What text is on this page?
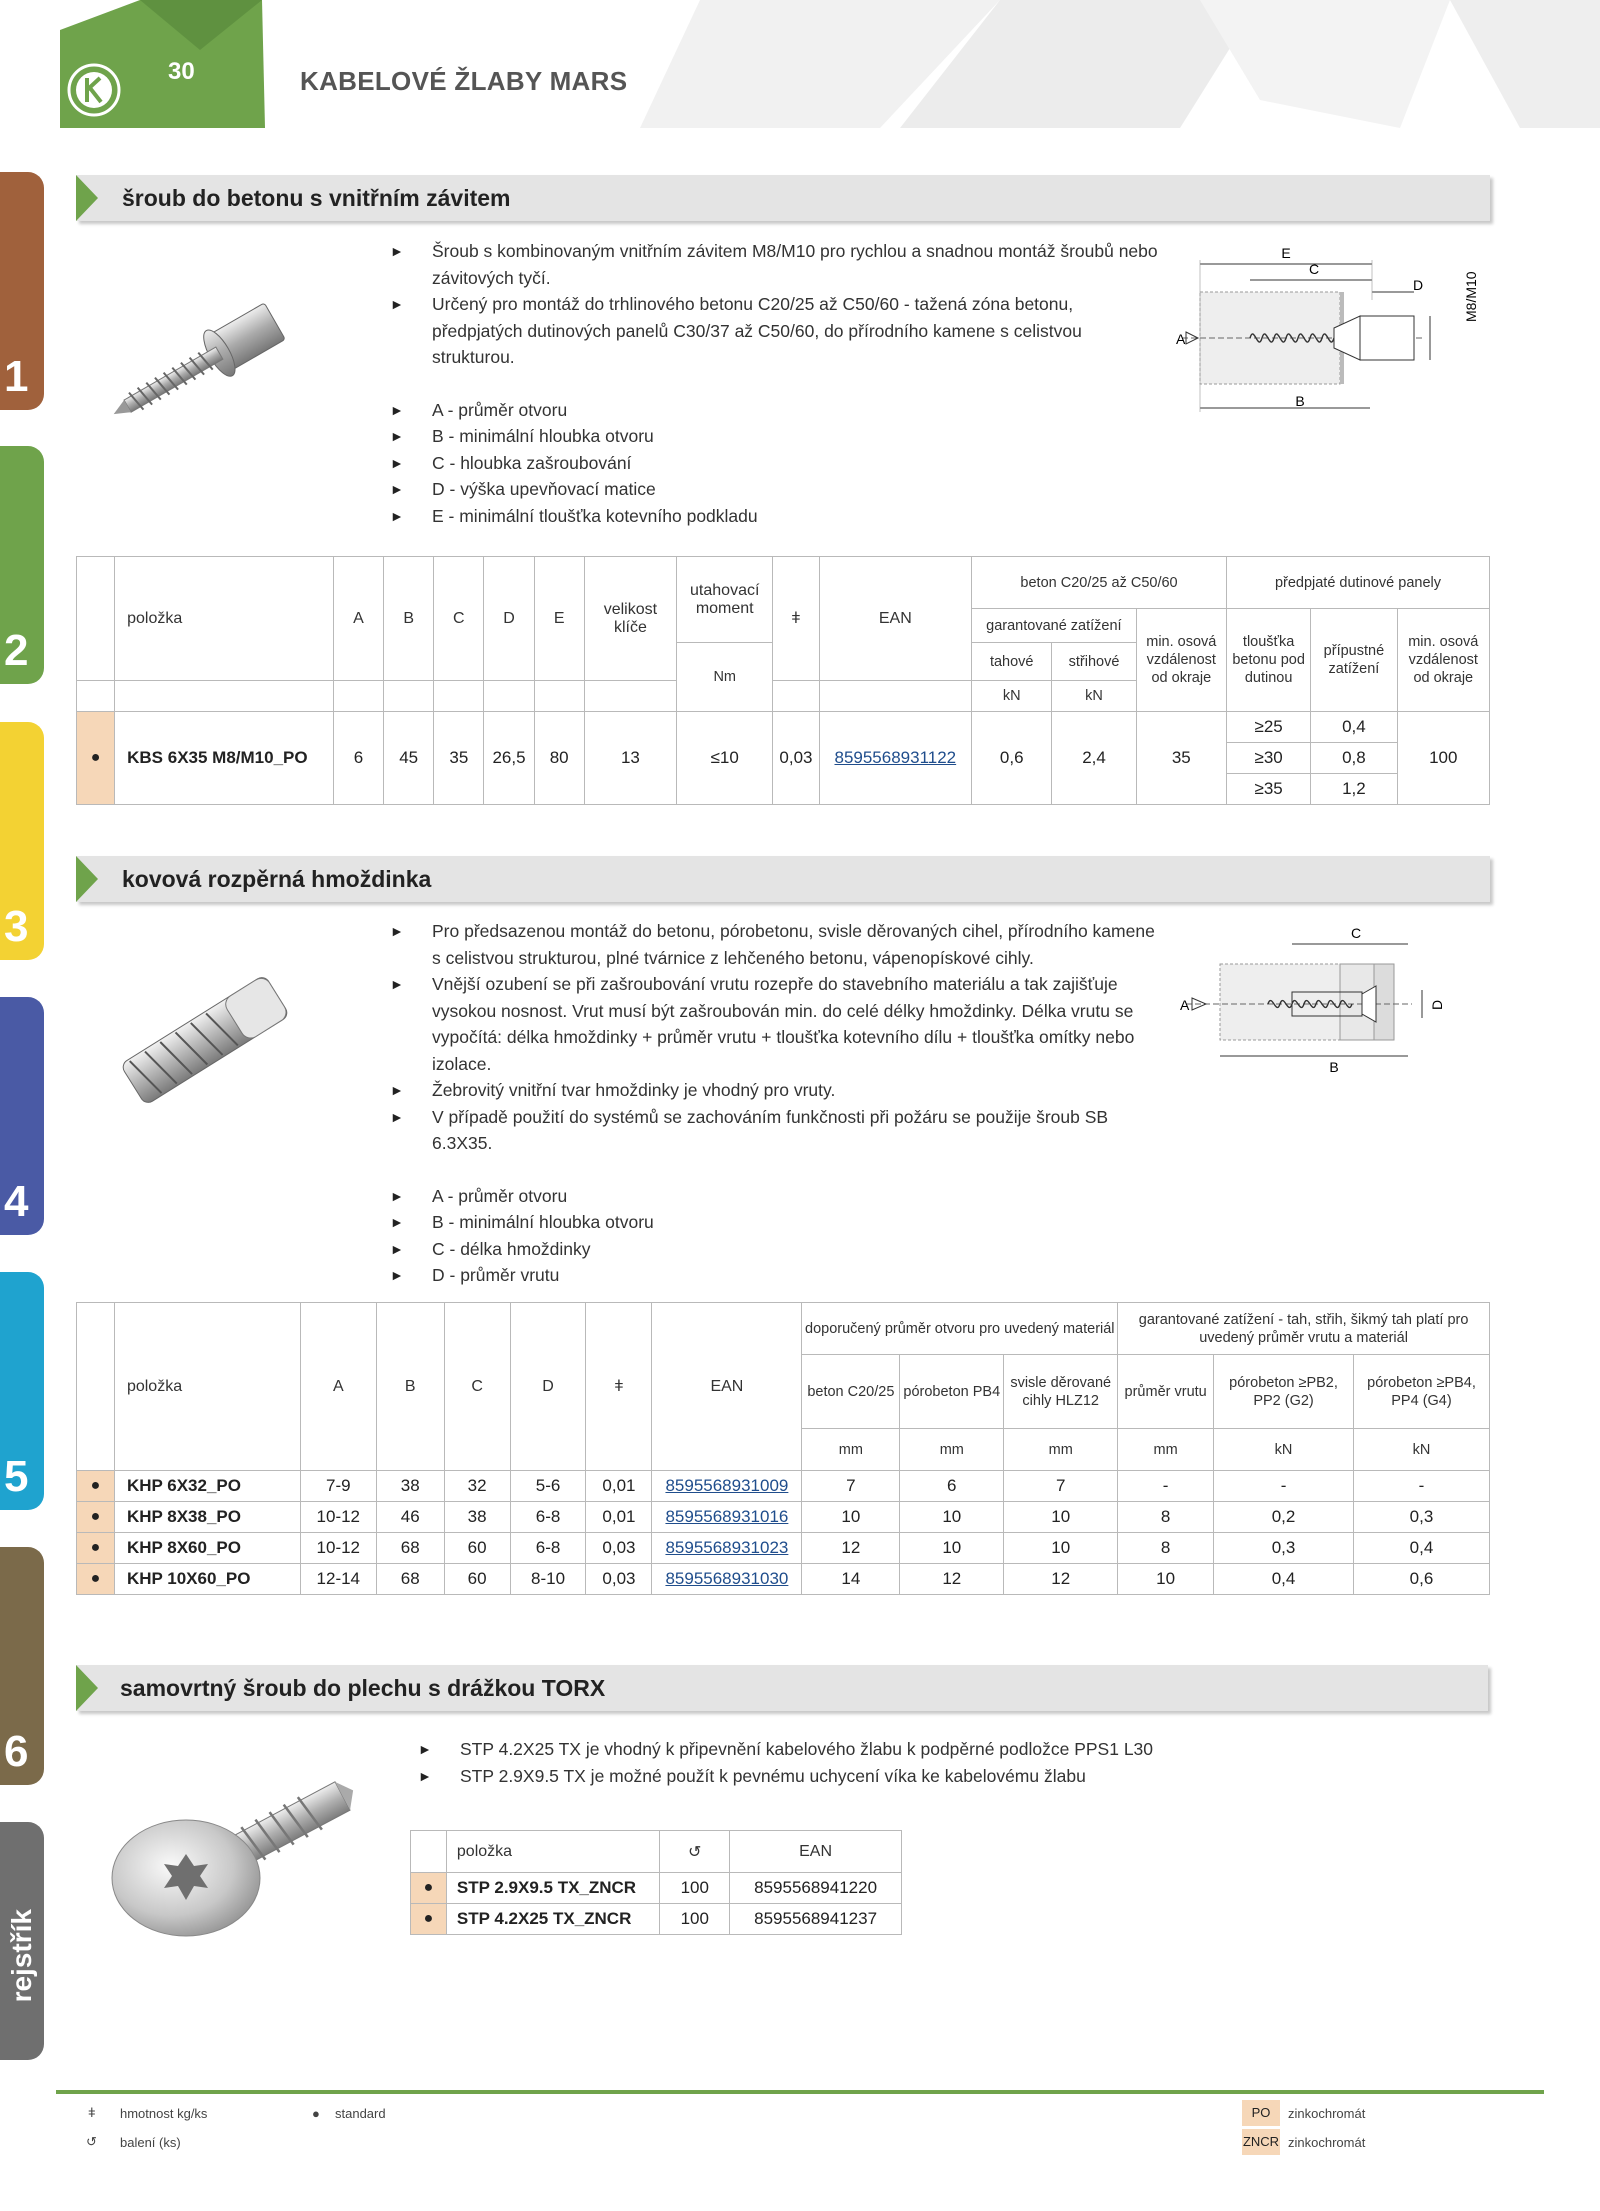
30	KABELOVÉ ŽLABY MARS
1
2
3
4
5
6
rejstřík
šroub do betonu s vnitřním závitem
► Šroub s kombinovaným vnitřním závitem M8/M10 pro rychlou a snadnou montáž šroubů nebo závitových tyčí.
► Určený pro montáž do trhlinového betonu C20/25 až C50/60 - tažená zóna betonu, předpjatých dutinových panelů C30/37 až C50/60, do přírodního kamene s celistvou strukturou.
► A - průměr otvoru
► B - minimální hloubka otvoru
► C - hloubka zašroubování
► D - výška upevňovací matice
► E - minimální tloušťka kotevního podkladu
E
C
D
A
B
M8/M10
	položka	A	B	C	D	E	velikost klíče	utahovací moment	ǂ	EAN	beton C20/25 až C50/60			předpjaté dutinové panely		
											garantované zatížení		min. osová vzdálenost od okraje	tloušťka betonu pod dutinou	přípustné zatížení	min. osová vzdálenost od okraje
								Nm			tahové	střihové				
											kN	kN				
●	KBS 6X35 M8/M10_PO	6	45	35	26,5	80	13	≤10	0,03	8595568931122	0,6	2,4	35	≥25	0,4	100
														≥30	0,8	
														≥35	1,2	
kovová rozpěrná hmoždinka
► Pro předsazenou montáž do betonu, pórobetonu, svisle děrovaných cihel, přírodního kamene s celistvou strukturou, plné tvárnice z lehčeného betonu, vápenopískové cihly.
► Vnější ozubení se při zašroubování vrutu rozepře do stavebního materiálu a tak zajišťuje vysokou nosnost. Vrut musí být zašroubován min. do celé délky hmoždinky. Délka vrutu se vypočítá: délka hmoždinky + průměr vrutu + tloušťka kotevního dílu + tloušťka omítky nebo izolace.
► Žebrovitý vnitřní tvar hmoždinky je vhodný pro vruty.
► V případě použití do systémů se zachováním funkčnosti při požáru se použije šroub SB 6.3X35.
► A - průměr otvoru
► B - minimální hloubka otvoru
► C - délka hmoždinky
► D - průměr vrutu
C
A
B
D
	položka	A	B	C	D	ǂ	EAN	doporučený průměr otvoru pro uvedený materiál			garantované zatížení - tah, střih, šikmý tah platí pro uvedený průměr vrutu a materiál		
								beton C20/25	pórobeton PB4	svisle děrované cihly HLZ12	průměr vrutu	pórobeton ≥PB2, PP2 (G2)	pórobeton ≥PB4, PP4 (G4)
								mm	mm	mm	mm	kN	kN
●	KHP 6X32_PO	7-9	38	32	5-6	0,01	8595568931009	7	6	7	-	-	-
●	KHP 8X38_PO	10-12	46	38	6-8	0,01	8595568931016	10	10	10	8	0,2	0,3
●	KHP 8X60_PO	10-12	68	60	6-8	0,03	8595568931023	12	10	10	8	0,3	0,4
●	KHP 10X60_PO	12-14	68	60	8-10	0,03	8595568931030	14	12	12	10	0,4	0,6
samovrtný šroub do plechu s drážkou TORX
► STP 4.2X25 TX je vhodný k připevnění kabelového žlabu k podpěrné podložce PPS1 L30
► STP 2.9X9.5 TX je možné použít k pevnému uchycení víka ke kabelovému žlabu
	položka	↺	EAN
●	STP 2.9X9.5 TX_ZNCR	100	8595568941220
●	STP 4.2X25 TX_ZNCR	100	8595568941237
ǂ hmotnost kg/ks
↺ balení (ks)
● standard	PO	zinkochromát
ZNCR zinkochromát
